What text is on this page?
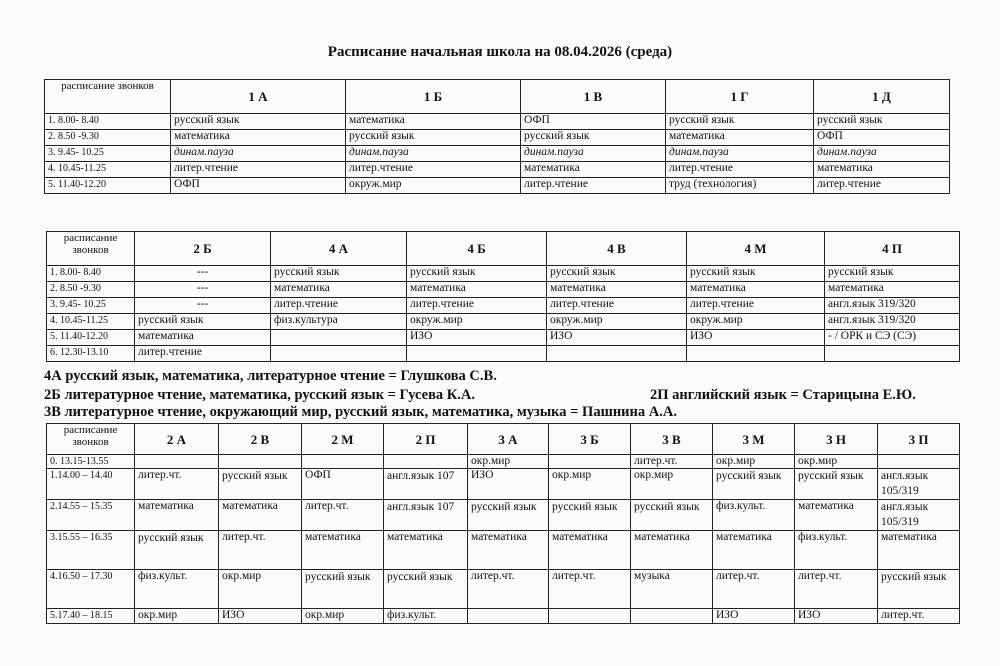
Расписание начальная школа на 08.04.2026 (среда)
расписание звонков	1 А	1 Б	1 В	1 Г	1 Д
1. 8.00- 8.40	русский язык	математика	ОФП	русский язык	русский язык
2. 8.50 -9.30	математика	русский язык	русский язык	математика	ОФП
3. 9.45- 10.25	динам.пауза	динам.пауза	динам.пауза	динам.пауза	динам.пауза
4. 10.45-11.25	литер.чтение	литер.чтение	математика	литер.чтение	математика
5. 11.40-12.20	ОФП	окруж.мир	литер.чтение	труд (технология)	литер.чтение
расписание звонков	2 Б	4 А	4 Б	4 В	4 М	4 П
1. 8.00- 8.40	---	русский язык	русский язык	русский язык	русский язык	русский язык
2. 8.50 -9.30	---	математика	математика	математика	математика	математика
3. 9.45- 10.25	---	литер.чтение	литер.чтение	литер.чтение	литер.чтение	англ.язык 319/320
4. 10.45-11.25	русский язык	физ.культура	окруж.мир	окруж.мир	окруж.мир	англ.язык 319/320
5. 11.40-12.20	математика		ИЗО	ИЗО	ИЗО	- / ОРК и СЭ (СЭ)
6. 12.30-13.10	литер.чтение					
4А русский язык, математика, литературное чтение = Глушкова С.В.
2Б литературное чтение, математика, русский язык = Гусева К.А.	2П английский язык = Старицына Е.Ю.
3В литературное чтение, окружающий мир, русский язык, математика, музыка = Пашнина А.А.
расписание звонков	2 А	2 В	2 М	2 П	3 А	3 Б	3 В	3 М	3 Н	3 П
0. 13.15-13.55					окр.мир		литер.чт.	окр.мир	окр.мир	
1.14.00 – 14.40	литер.чт.	русский язык	ОФП	англ.язык 107	ИЗО	окр.мир	окр.мир	русский язык	русский язык	англ.язык 105/319
2.14.55 – 15.35	математика	математика	литер.чт.	англ.язык 107	русский язык	русский язык	русский язык	физ.культ.	математика	англ.язык 105/319
3.15.55 – 16.35	русский язык	литер.чт.	математика	математика	математика	математика	математика	математика	физ.культ.	математика
4.16.50 – 17.30	физ.культ.	окр.мир	русский язык	русский язык	литер.чт.	литер.чт.	музыка	литер.чт.	литер.чт.	русский язык
5.17.40 – 18.15	окр.мир	ИЗО	окр.мир	физ.культ.				ИЗО	ИЗО	литер.чт.
